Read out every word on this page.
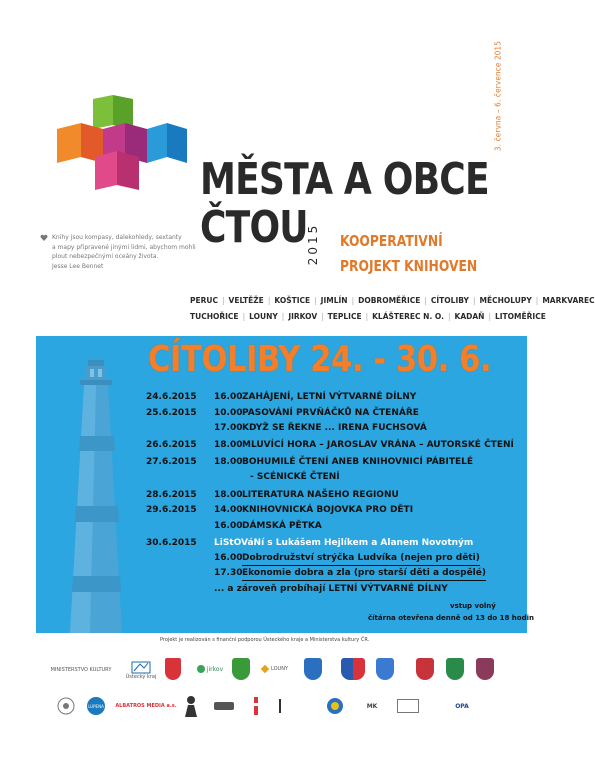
3. června – 6. července 2015
MĚSTA A OBCE
ČTOU
2015 KOOPERATIVNÍ
PROJEKT KNIHOVEN
Knihy jsou kompasy, dalekohledy, sextanty
a mapy připravené jinými lidmi, abychom mohli
plout nebezpečnými oceány života.
Jesse Lee Bennet
PERUC | VELTĚŽE | KOŠTICE | JIMLÍN | DOBROMĚŘICE | CÍTOLIBY | MĚCHOLUPY | MARKVAREC
TUCHOŘICE | LOUNY | JIRKOV | TEPLICE | KLÁŠTEREC N. O. | KADAŇ | LITOMĚŘICE
CÍTOLIBY 24. - 30. 6.
24.6.2015	16.00 ZAHÁJENÍ, LETNÍ VÝTVARNÉ DÍLNY
25.6.2015	10.00 PASOVÁNÍ PRVŇÁČKŮ NA ČTENÁŘE
17.00 KDYŽ SE ŘEKNE ... IRENA FUCHSOVÁ
26.6.2015	18.00 MLUVÍCÍ HORA – JAROSLAV VRÁNA – AUTORSKÉ ČTENÍ
27.6.2015	18.00 BOHUMILÉ ČTENÍ ANEB KNIHOVNICÍ PÁBITELÉ
- SCÉNICKÉ ČTENÍ
28.6.2015	18.00 LITERATURA NAŠEHO REGIONU
29.6.2015	14.00 KNIHOVNICKÁ BOJOVKA PRO DĚTI
16.00 DÁMSKÁ PĚTKA
30.6.2015	LiStOVáNí s Lukášem Hejlíkem a Alanem Novotným
16.00 Dobrodružství strýčka Ludvíka (nejen pro děti)
17.30 Ekonomie dobra a zla (pro starší děti a dospělé)
... a zároveň probíhají LETNÍ VÝTVARNÉ DÍLNY
vstup volný
čítárna otevřena denně od 13 do 18 hodin
Projekt je realizován s finanční podporou Ústeckého kraje a Ministerstva kultury ČR.
MINISTERSTVO KULTURY
Ústecký kraj
jirkov	LOUNY
LUPENA ALBATROS MEDIA a.s.	MK	OPA
